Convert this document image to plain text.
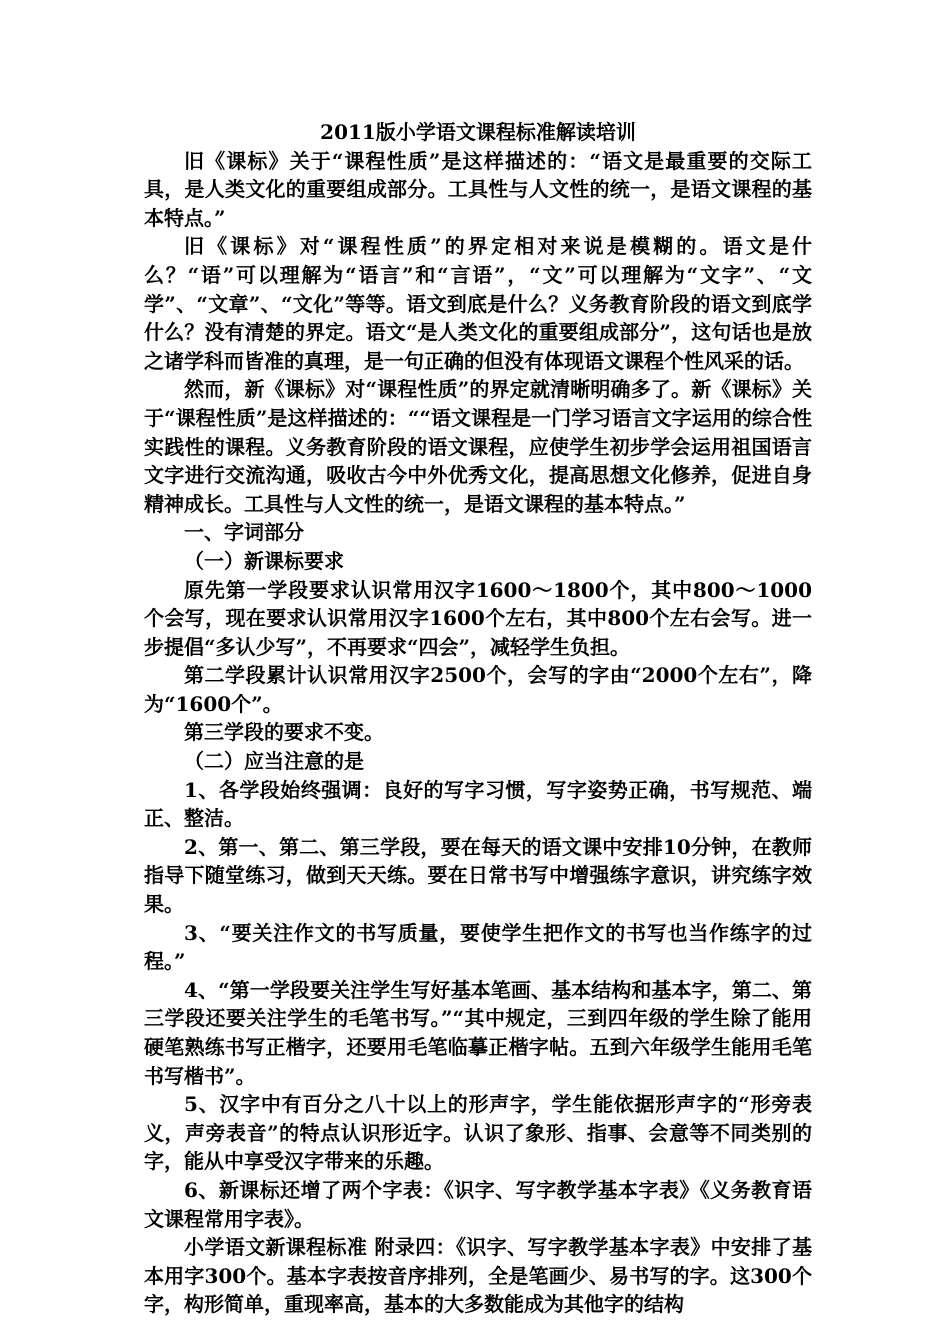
2011版小学语文课程标准解读培训

旧《课标》关于“课程性质”是这样描述的：“语文是最重要的交际工具，是人类文化的重要组成部分。工具性与人文性的统一，是语文课程的基本特点。”

旧《课标》对“课程性质”的界定相对来说是模糊的。语文是什么？“语”可以理解为“语言”和“言语”，“文”可以理解为“文字”、“文学”、“文章”、“文化”等等。语文到底是什么？义务教育阶段的语文到底学什么？没有清楚的界定。语文“是人类文化的重要组成部分”，这句话也是放之诸学科而皆准的真理，是一句正确的但没有体现语文课程个性风采的话。

然而，新《课标》对“课程性质”的界定就清晰明确多了。新《课标》关于“课程性质”是这样描述的：““语文课程是一门学习语言文字运用的综合性实践性的课程。义务教育阶段的语文课程，应使学生初步学会运用祖国语言文字进行交流沟通，吸收古今中外优秀文化，提高思想文化修养，促进自身精神成长。工具性与人文性的统一，是语文课程的基本特点。”

一、字词部分

（一）新课标要求

原先第一学段要求认识常用汉字1600～1800个，其中800～1000个会写，现在要求认识常用汉字1600个左右，其中800个左右会写。进一步提倡“多认少写”，不再要求“四会”，减轻学生负担。

第二学段累计认识常用汉字2500个，会写的字由“2000个左右”，降为“1600个”。

第三学段的要求不变。

（二）应当注意的是

1、各学段始终强调：良好的写字习惯，写字姿势正确，书写规范、端正、整洁。

2、第一、第二、第三学段，要在每天的语文课中安排10分钟，在教师指导下随堂练习，做到天天练。要在日常书写中增强练字意识，讲究练字效果。

3、“要关注作文的书写质量，要使学生把作文的书写也当作练字的过程。”

4、“第一学段要关注学生写好基本笔画、基本结构和基本字，第二、第三学段还要关注学生的毛笔书写。”“其中规定，三到四年级的学生除了能用硬笔熟练书写正楷字，还要用毛笔临摹正楷字帖。五到六年级学生能用毛笔书写楷书”。

5、汉字中有百分之八十以上的形声字，学生能依据形声字的“形旁表义，声旁表音”的特点认识形近字。认识了象形、指事、会意等不同类别的字，能从中享受汉字带来的乐趣。

6、新课标还增了两个字表：《识字、写字教学基本字表》《义务教育语文课程常用字表》。

小学语文新课程标准 附录四：《识字、写字教学基本字表》中安排了基本用字300个。基本字表按音序排列，全是笔画少、易书写的字。这300个字，构形简单，重现率高，基本的大多数能成为其他字的结构
